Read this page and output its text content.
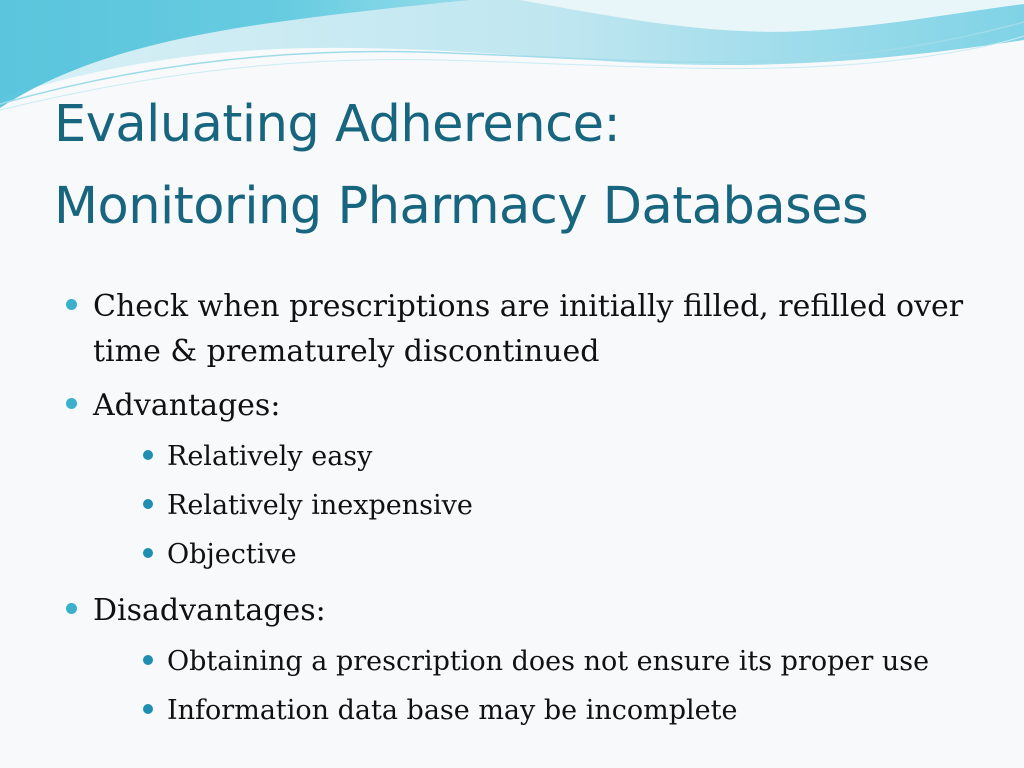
Evaluating Adherence:
Monitoring Pharmacy Databases
Check when prescriptions are initially filled, refilled over time & prematurely discontinued
Advantages:
Relatively easy
Relatively inexpensive
Objective
Disadvantages:
Obtaining a prescription does not ensure its proper use
Information data base may be incomplete
